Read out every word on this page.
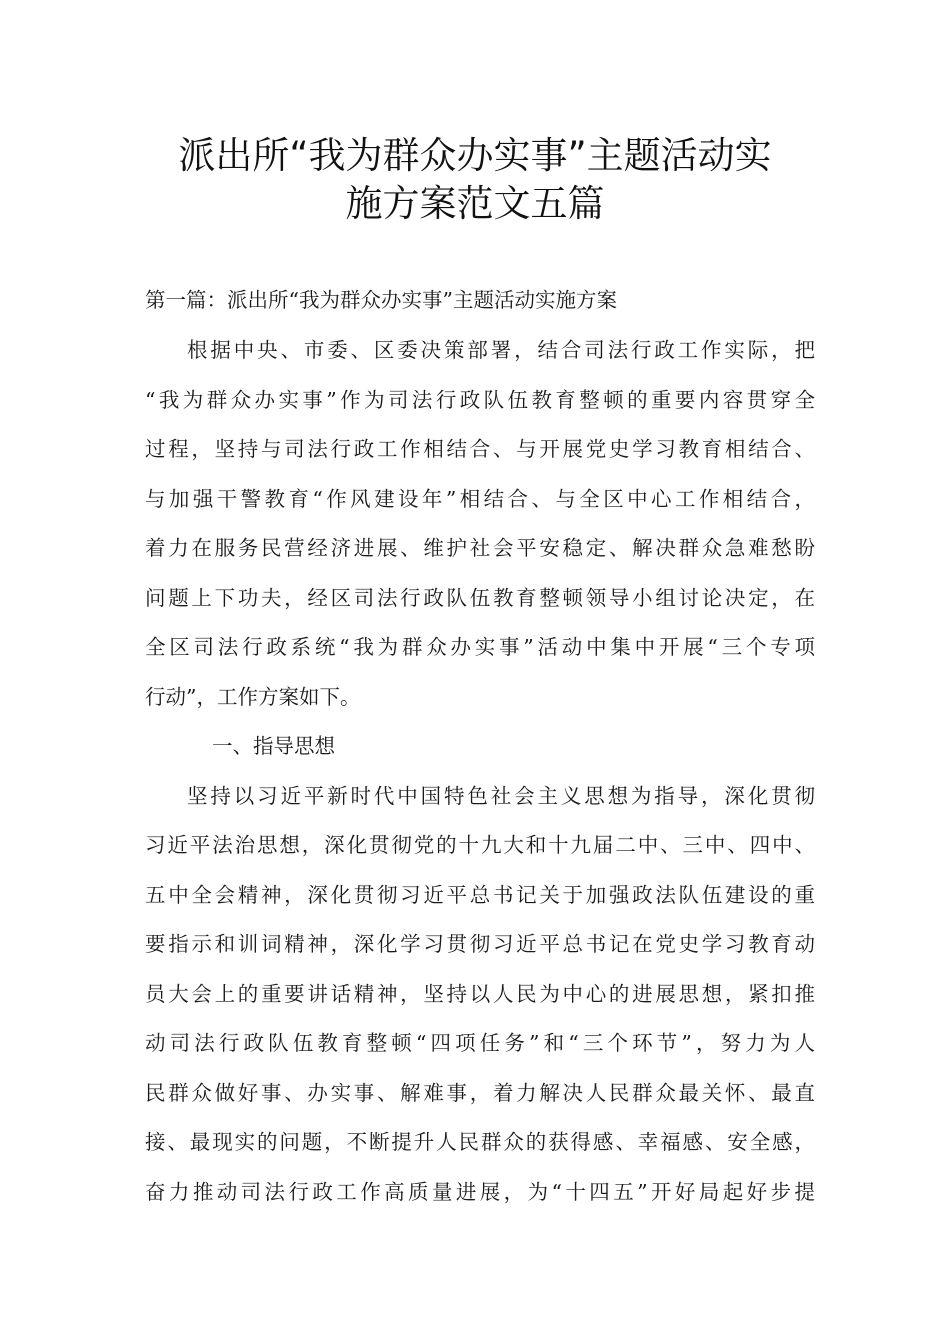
派出所“我为群众办实事”主题活动实
施方案范文五篇
第一篇：派出所“我为群众办实事”主题活动实施方案
根据中央、市委、区委决策部署，结合司法行政工作实际，把
“我为群众办实事”作为司法行政队伍教育整顿的重要内容贯穿全
过程，坚持与司法行政工作相结合、与开展党史学习教育相结合、
与加强干警教育“作风建设年”相结合、与全区中心工作相结合，
着力在服务民营经济进展、维护社会平安稳定、解决群众急难愁盼
问题上下功夫，经区司法行政队伍教育整顿领导小组讨论决定，在
全区司法行政系统“我为群众办实事”活动中集中开展“三个专项
行动”，工作方案如下。
一、指导思想
坚持以习近平新时代中国特色社会主义思想为指导，深化贯彻
习近平法治思想，深化贯彻党的十九大和十九届二中、三中、四中、
五中全会精神，深化贯彻习近平总书记关于加强政法队伍建设的重
要指示和训词精神，深化学习贯彻习近平总书记在党史学习教育动
员大会上的重要讲话精神，坚持以人民为中心的进展思想，紧扣推
动司法行政队伍教育整顿“四项任务”和“三个环节”，努力为人
民群众做好事、办实事、解难事，着力解决人民群众最关怀、最直
接、最现实的问题，不断提升人民群众的获得感、幸福感、安全感，
奋力推动司法行政工作高质量进展，为“十四五”开好局起好步提
